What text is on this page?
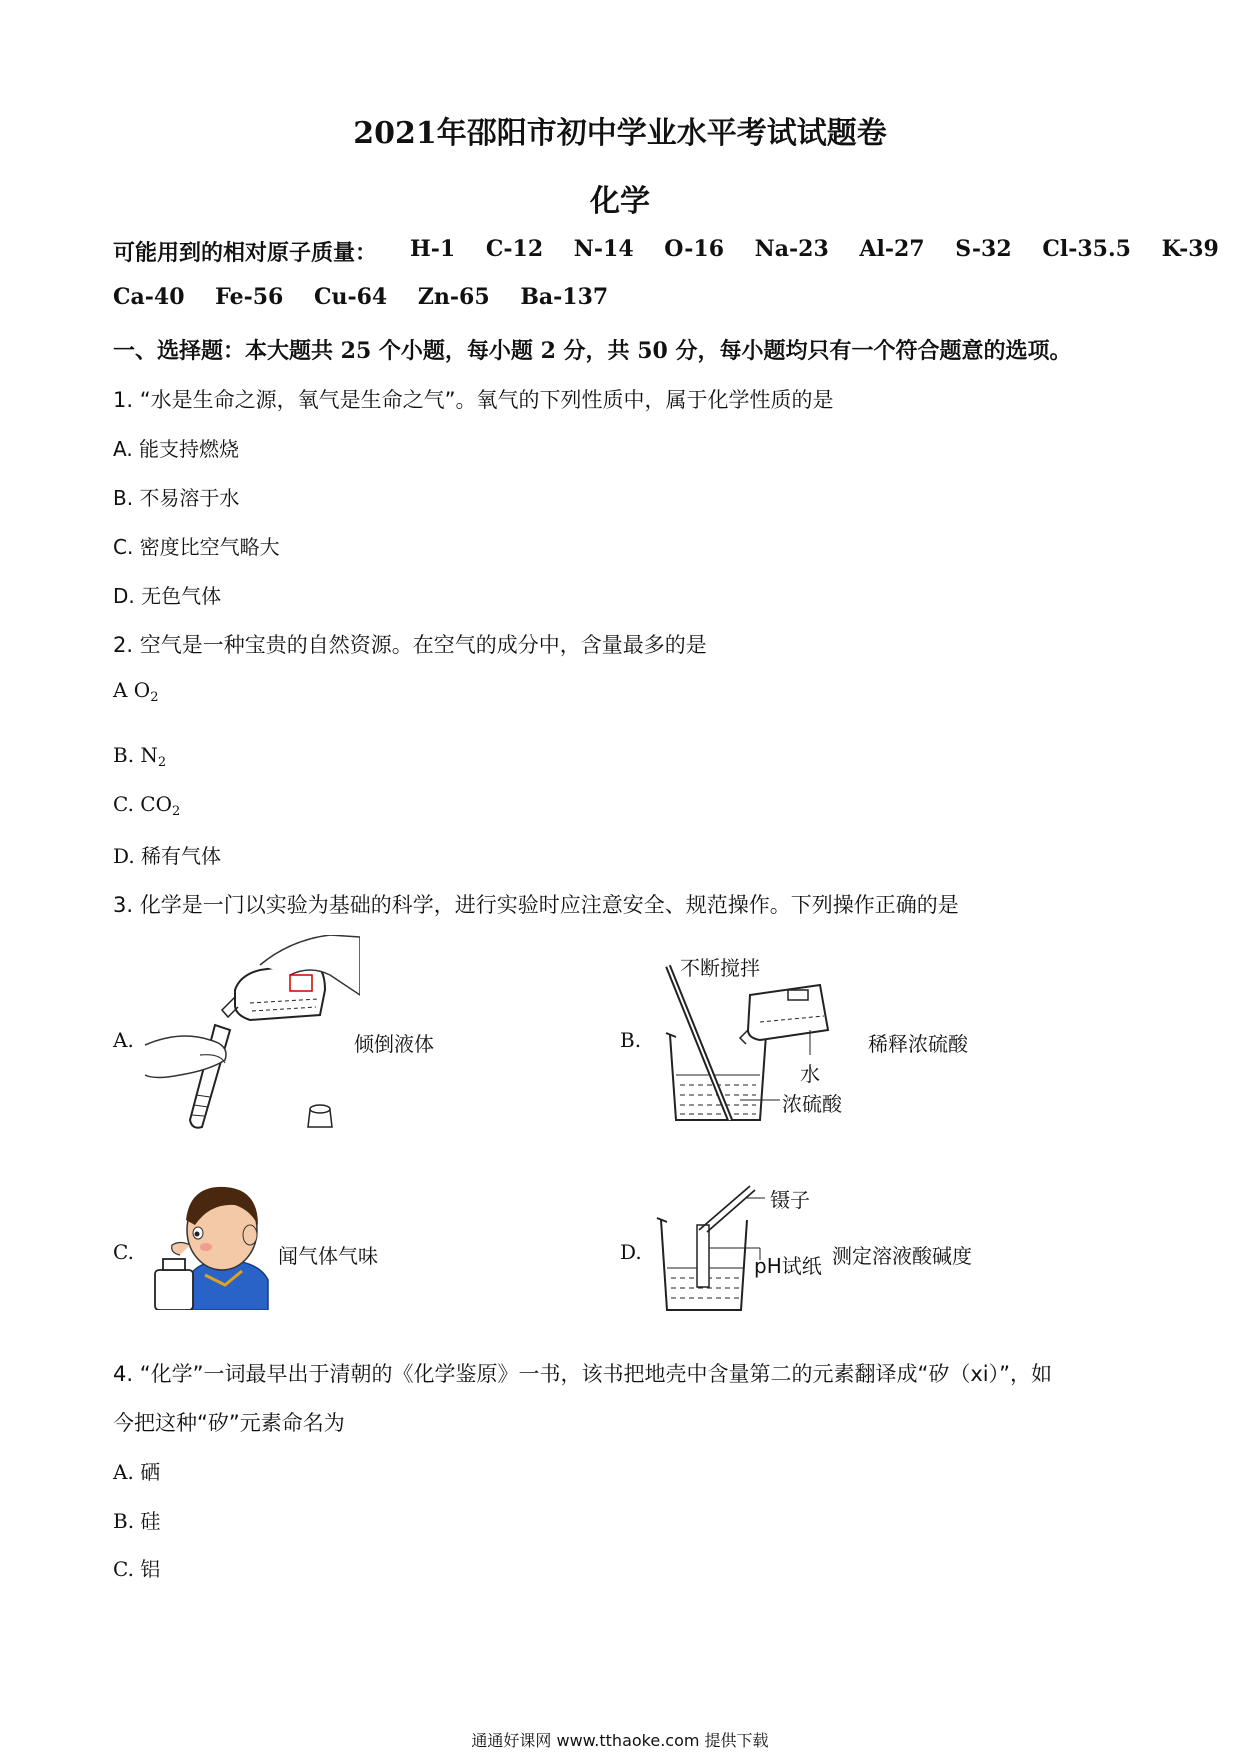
2021年邵阳市初中学业水平考试试题卷
化学
可能用到的相对原子质量： H-1 C-12 N-14 O-16 Na-23 Al-27 S-32 Cl-35.5 K-39
Ca-40 Fe-56 Cu-64 Zn-65 Ba-137
一、选择题：本大题共 25 个小题，每小题 2 分，共 50 分，每小题均只有一个符合题意的选项。
1. “水是生命之源，氧气是生命之气”。氧气的下列性质中，属于化学性质的是
A. 能支持燃烧
B. 不易溶于水
C. 密度比空气略大
D. 无色气体
2. 空气是一种宝贵的自然资源。在空气的成分中，含量最多的是
A $O_2$
B. $N_2$
C. $CO_2$
D. 稀有气体
3. 化学是一门以实验为基础的科学，进行实验时应注意安全、规范操作。下列操作正确的是
A.	倾倒液体	B.
不断搅拌
稀释浓硫酸
水
浓硫酸
C.	闻气体气味	D.
镊子
pH试纸 测定溶液酸碱度
4. “化学”一词最早出于清朝的《化学鉴原》一书，该书把地壳中含量第二的元素翻译成“矽（xi）”，如
今把这种“矽”元素命名为
A. 硒
B. 硅
C. 铝
通通好课网 www.tthaoke.com 提供下载
